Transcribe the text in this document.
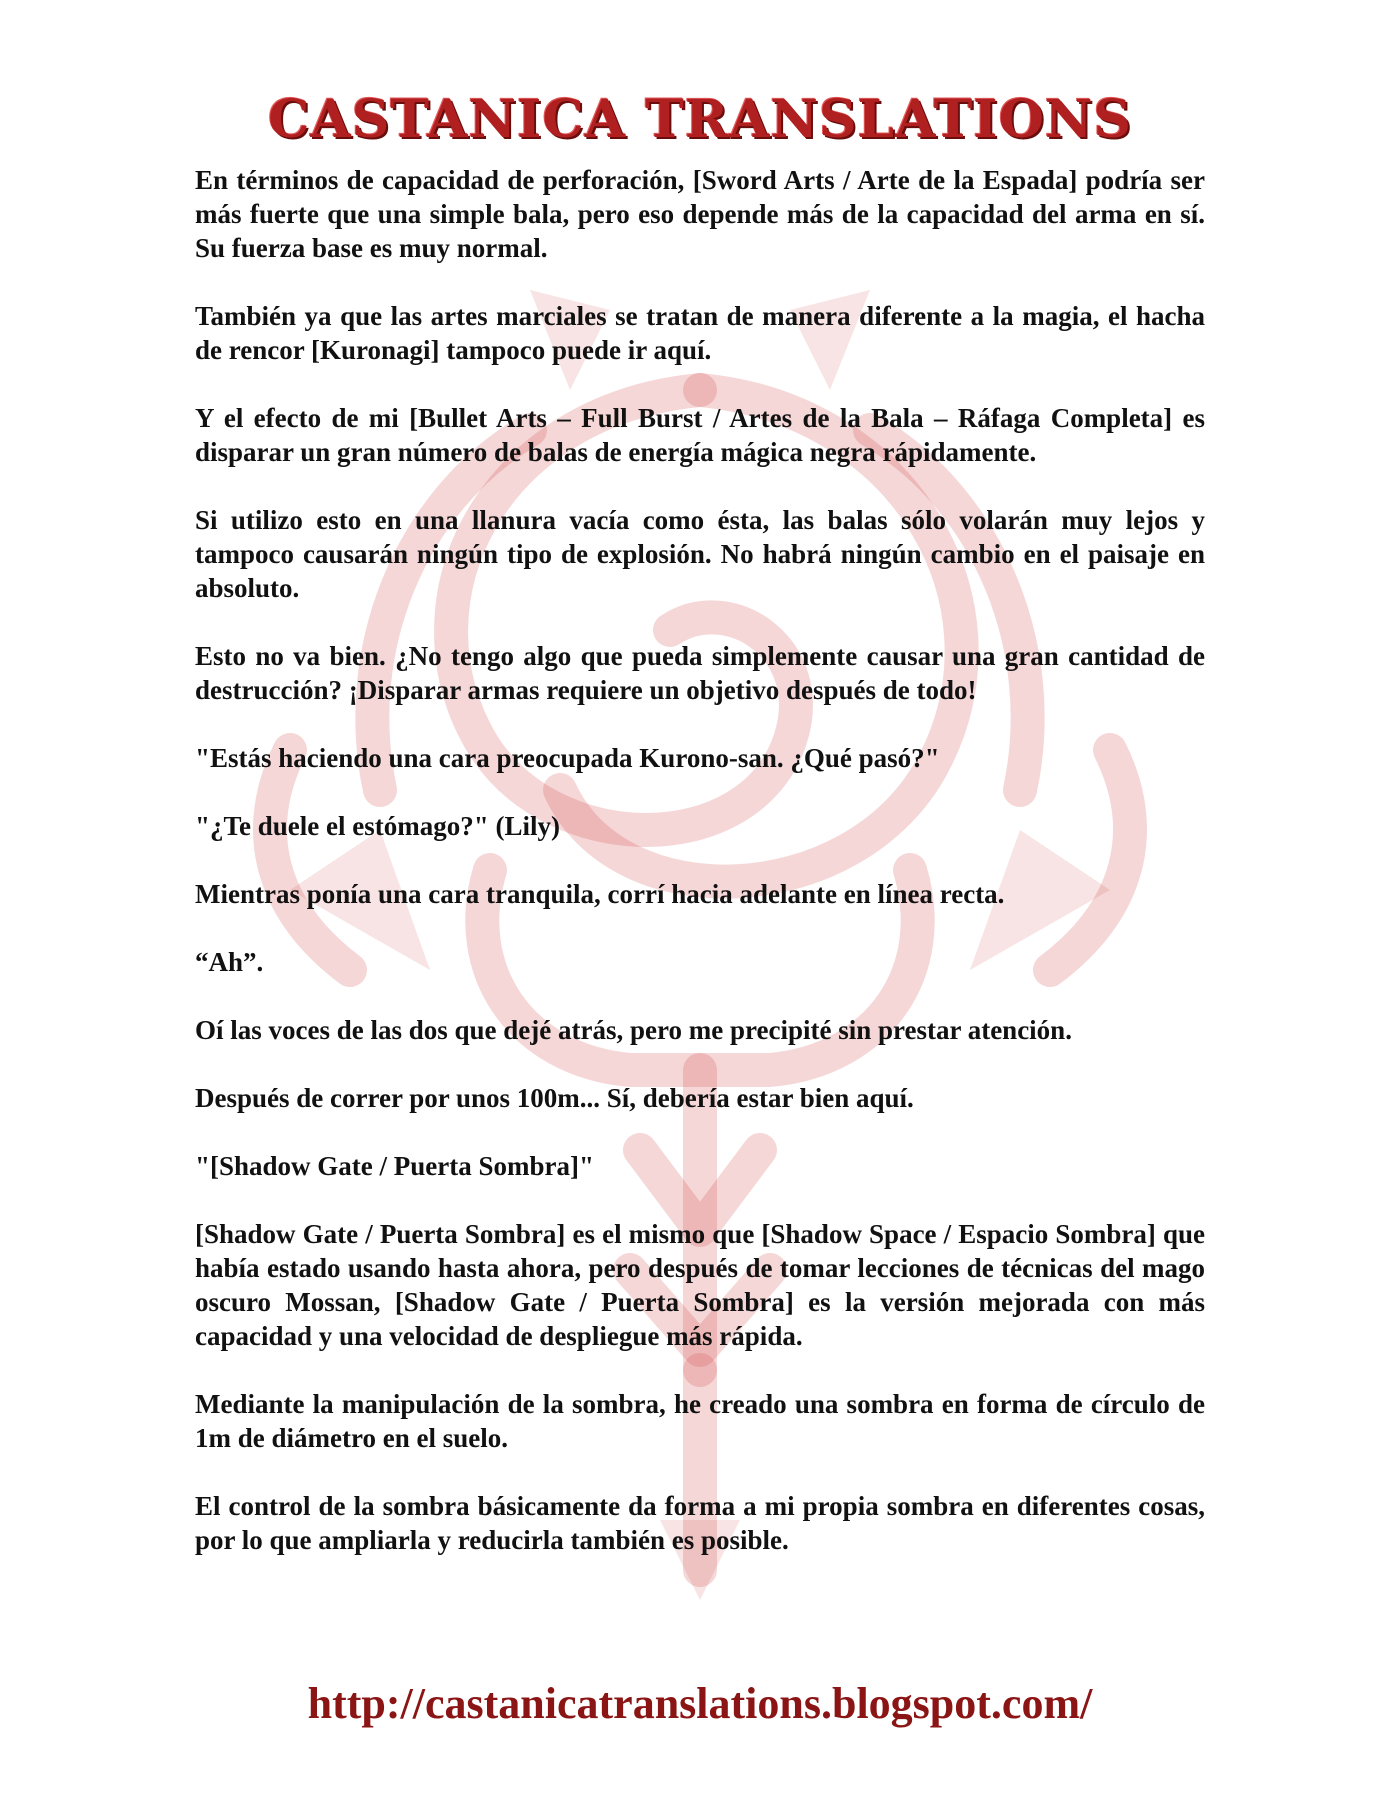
CASTANICA TRANSLATIONS

En términos de capacidad de perforación, [Sword Arts / Arte de la Espada] podría ser más fuerte que una simple bala, pero eso depende más de la capacidad del arma en sí. Su fuerza base es muy normal.

También ya que las artes marciales se tratan de manera diferente a la magia, el hacha de rencor [Kuronagi] tampoco puede ir aquí.

Y el efecto de mi [Bullet Arts – Full Burst / Artes de la Bala – Ráfaga Completa] es disparar un gran número de balas de energía mágica negra rápidamente.

Si utilizo esto en una llanura vacía como ésta, las balas sólo volarán muy lejos y tampoco causarán ningún tipo de explosión. No habrá ningún cambio en el paisaje en absoluto.

Esto no va bien. ¿No tengo algo que pueda simplemente causar una gran cantidad de destrucción? ¡Disparar armas requiere un objetivo después de todo!

"Estás haciendo una cara preocupada Kurono-san. ¿Qué pasó?"

"¿Te duele el estómago?" (Lily)

Mientras ponía una cara tranquila, corrí hacia adelante en línea recta.

“Ah”.

Oí las voces de las dos que dejé atrás, pero me precipité sin prestar atención.

Después de correr por unos 100m... Sí, debería estar bien aquí.

"[Shadow Gate / Puerta Sombra]"

[Shadow Gate / Puerta Sombra] es el mismo que [Shadow Space / Espacio Sombra] que había estado usando hasta ahora, pero después de tomar lecciones de técnicas del mago oscuro Mossan, [Shadow Gate / Puerta Sombra] es la versión mejorada con más capacidad y una velocidad de despliegue más rápida.

Mediante la manipulación de la sombra, he creado una sombra en forma de círculo de 1m de diámetro en el suelo.

El control de la sombra básicamente da forma a mi propia sombra en diferentes cosas, por lo que ampliarla y reducirla también es posible.

http://castanicatranslations.blogspot.com/
